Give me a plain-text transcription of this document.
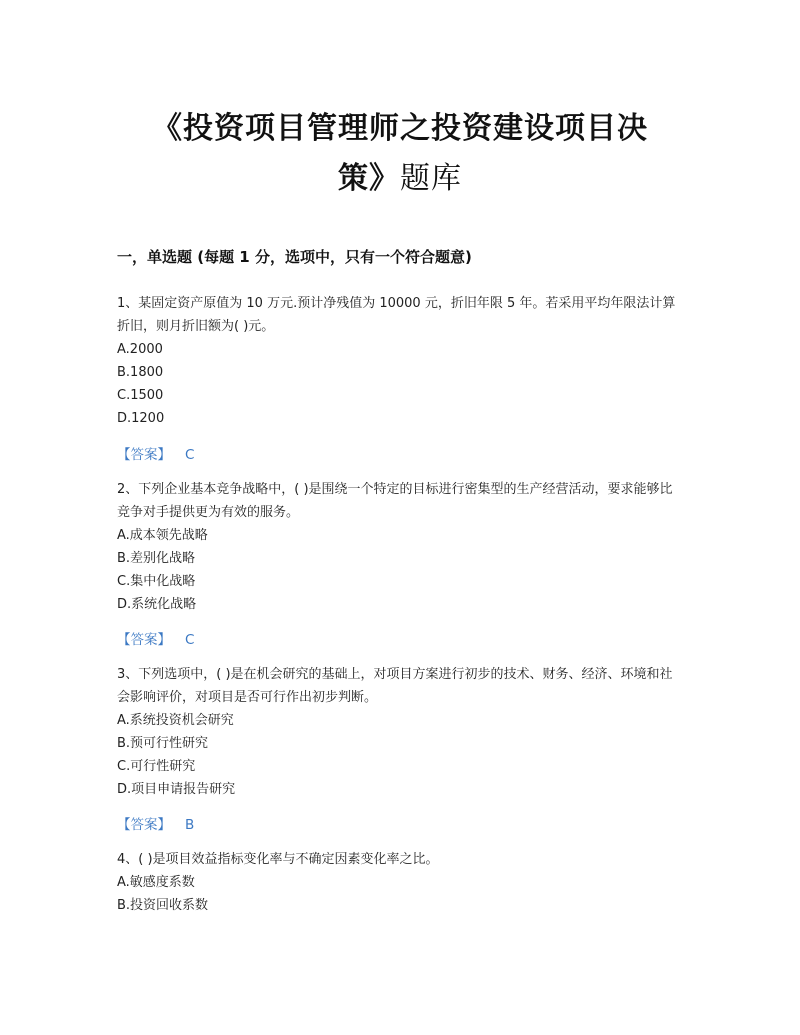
《投资项目管理师之投资建设项目决
策》题库
一，单选题 (每题 1 分，选项中，只有一个符合题意)
1、某固定资产原值为 10 万元.预计净残值为 10000 元，折旧年限 5 年。若采用平均年限法计算折旧，则月折旧额为( )元。
A.2000
B.1800
C.1500
D.1200
【答案】 C
2、下列企业基本竞争战略中，( )是围绕一个特定的目标进行密集型的生产经营活动，要求能够比竞争对手提供更为有效的服务。
A.成本领先战略
B.差别化战略
C.集中化战略
D.系统化战略
【答案】 C
3、下列选项中，( )是在机会研究的基础上，对项目方案进行初步的技术、财务、经济、环境和社会影响评价，对项目是否可行作出初步判断。
A.系统投资机会研究
B.预可行性研究
C.可行性研究
D.项目申请报告研究
【答案】 B
4、( )是项目效益指标变化率与不确定因素变化率之比。
A.敏感度系数
B.投资回收系数
